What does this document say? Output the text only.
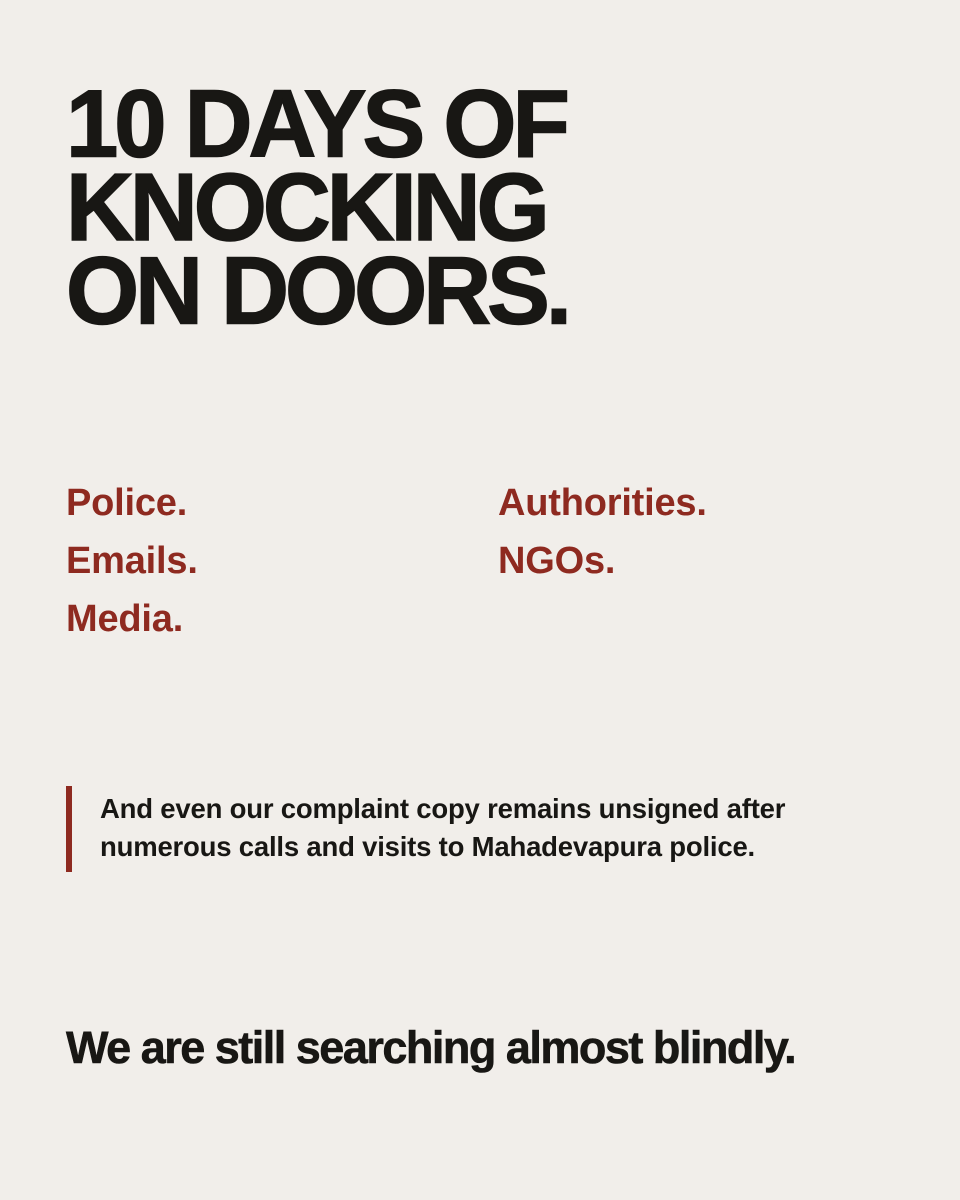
10 DAYS OF
KNOCKING
ON DOORS.
Police.
Emails.
Media.
Authorities.
NGOs.

And even our complaint copy remains unsigned after numerous calls and visits to Mahadevapura police.

We are still searching almost blindly.
